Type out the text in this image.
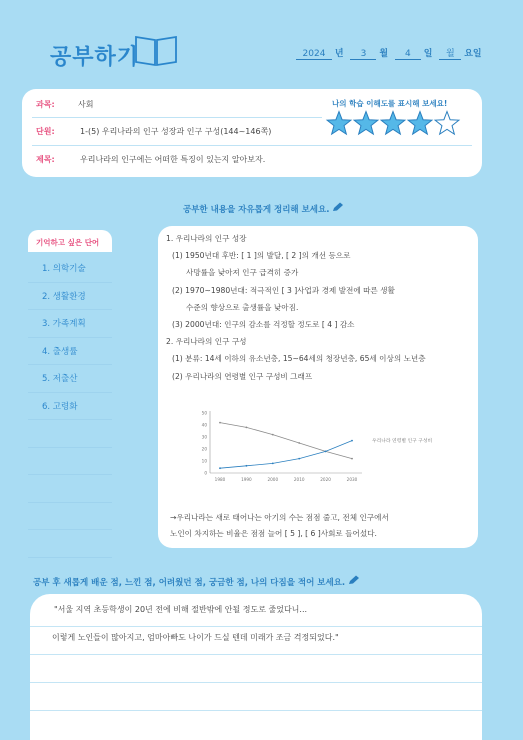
공부하기	2024 년 3 월 4 일 월 요일
과목:	사회
단원:	1-(5) 우리나라의 인구 성장과 인구 구성(144~146쪽)
제목:	우리나라의 인구에는 어떠한 특징이 있는지 알아보자.
나의 학습 이해도를 표시해 보세요!
공부한 내용을 자유롭게 정리해 보세요.
기억하고 싶은 단어
1. 의학기술
2. 생활환경
3. 가족계획
4. 출생률
5. 저출산
6. 고령화
1. 우리나라의 인구 성장
(1) 1950년대 후반: [ 1 ]의 발달, [ 2 ]의 개선 등으로
사망률을 낮아져 인구 급격히 증가
(2) 1970~1980년대: 적극적인 [ 3 ]사업과 경제 발전에 따른 생활
수준의 향상으로 출생률을 낮아짐.
(3) 2000년대: 인구의 감소를 걱정할 정도로 [ 4 ] 감소
2. 우리나라의 인구 구성
(1) 분류: 14세 이하의 유소년층, 15~64세의 청장년층, 65세 이상의 노년층
(2) 우리나라의 연령별 인구 구성비 그래프
0
10
20
30
40
50
1980	1990	2000	2010	2020	2030
우리나라 연령별 인구 구성비
→우리나라는 새로 태어나는 아기의 수는 점점 줄고, 전체 인구에서
노인이 차지하는 비율은 점점 늘어 [ 5 ], [ 6 ]사회로 들어섰다.
공부 후 새롭게 배운 점, 느낀 점, 어려웠던 점, 궁금한 점, 나의 다짐을 적어 보세요.
"서울 지역 초등학생이 20년 전에 비해 절반밖에 안될 정도로 줄었다니...
이렇게 노인들이 많아지고, 엄마아빠도 나이가 드실 텐데 미래가 조금 걱정되었다."
